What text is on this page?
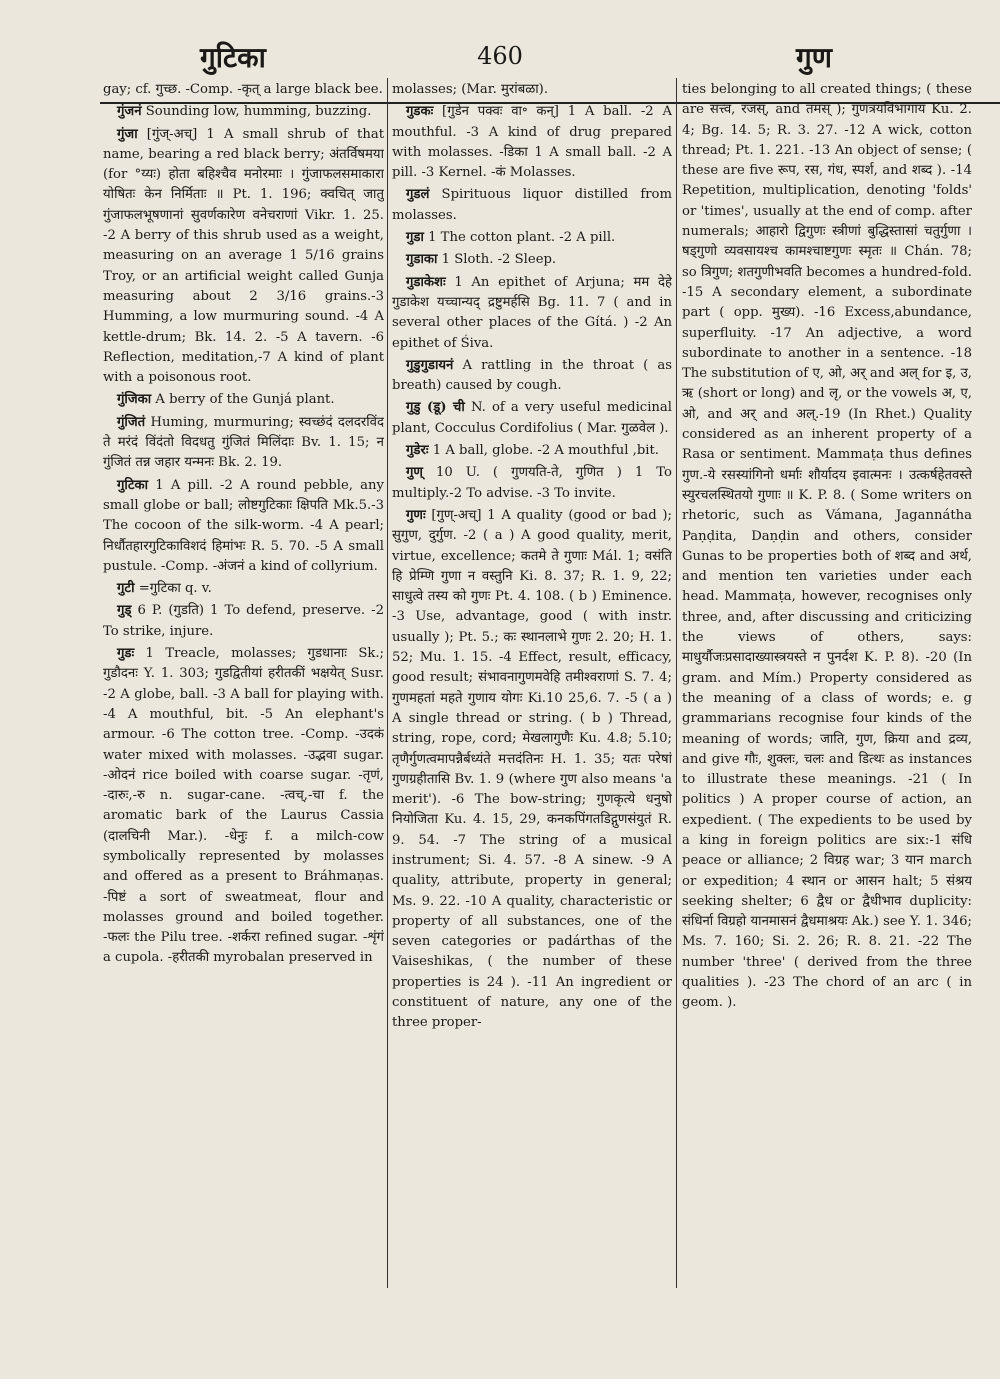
गुटिका	460	गुण

gay; cf. गुच्छ. -Comp. -कृत् a large black bee.

गुंजनं Sounding low, humming, buzzing.

गुंजा [गुंज्-अच्] 1 A small shrub of that name, bearing a red black berry; अंतर्विषमया (for °य्यः) होता बहिश्चैव मनोरमाः । गुंजाफलसमाकारा योषितः केन निर्मिताः ॥ Pt. 1. 196; क्वचित् जातु गुंजाफलभूषणानां सुवर्णकारेण वनेचराणां Vikr. 1. 25. -2 A berry of this shrub used as a weight, measuring on an average 1 5/16 grains Troy, or an artificial weight called Gunja measuring about 2 3/16 grains.-3 Humming, a low murmuring sound. -4 A kettle-drum; Bk. 14. 2. -5 A tavern. -6 Reflection, meditation,-7 A kind of plant with a poisonous root.

गुंजिका A berry of the Gunjá plant.

गुंजितं Huming, murmuring; स्वच्छंदं दलदरविंद ते मरंदं विंदंतो विदधतु गुंजितं मिलिंदाः Bv. 1. 15; न गुंजितं तन्न जहार यन्मनः Bk. 2. 19.

गुटिका 1 A pill. -2 A round pebble, any small globe or ball; लोष्टगुटिकाः क्षिपति Mk.5.-3 The cocoon of the silk-worm. -4 A pearl; निर्धौतहारगुटिकाविशदं हिमांभः R. 5. 70. -5 A small pustule. -Comp. -अंजनं a kind of collyrium.

गुटी =गुटिका q. v.

गुड् 6 P. (गुडति) 1 To defend, preserve. -2 To strike, injure.

गुडः 1 Treacle, molasses; गुडधानाः Sk.; गुडौदनः Y. 1. 303; गुडद्वितीयां हरीतकीं भक्षयेत् Susr. -2 A globe, ball. -3 A ball for playing with. -4 A mouthful, bit. -5 An elephant's armour. -6 The cotton tree. -Comp. -उदकं water mixed with molasses. -उद्भवा sugar. -ओदनं rice boiled with coarse sugar. -तृणं, -दारुः,-रु n. sugar-cane. -त्वच्,-चा f. the aromatic bark of the Laurus Cassia (दालचिनी Mar.). -धेनुः f. a milch-cow symbolically represented by molasses and offered as a present to Bráhmaṇas. -पिष्टं a sort of sweatmeat, flour and molasses ground and boiled together. -फलः the Pilu tree. -शर्करा refined sugar. -शृंगं a cupola. -हरीतकी myrobalan preserved in

molasses; (Mar. मुरांबळा).

गुडकः [गुडेन पक्वः वा॰ कन्] 1 A ball. -2 A mouthful. -3 A kind of drug prepared with molasses. -डिका 1 A small ball. -2 A pill. -3 Kernel. -कं Molasses.

गुडलं Spirituous liquor distilled from molasses.

गुडा 1 The cotton plant. -2 A pill.

गुडाका 1 Sloth. -2 Sleep.

गुडाकेशः 1 An epithet of Arjuna; मम देहे गुडाकेश यच्चान्यद् द्रष्टुमर्हसि Bg. 11. 7 ( and in several other places of the Gítá. ) -2 An epithet of Śiva.

गुडुगुडायनं A rattling in the throat ( as breath) caused by cough.

गुडु (डू) ची N. of a very useful medicinal plant, Cocculus Cordifolius ( Mar. गुळवेल ).

गुडेरः 1 A ball, globe. -2 A mouthful ,bit.

गुण् 10 U. ( गुणयति-ते, गुणित ) 1 To multiply.-2 To advise. -3 To invite.

गुणः [गुण्-अच्] 1 A quality (good or bad ); सुगुण, दुर्गुण. -2 ( a ) A good quality, merit, virtue, excellence; कतमे ते गुणाः Mál. 1; वसंति हि प्रेम्णि गुणा न वस्तुनि Ki. 8. 37; R. 1. 9, 22; साधुत्वे तस्य को गुणः Pt. 4. 108. ( b ) Eminence. -3 Use, advantage, good ( with instr. usually ); Pt. 5.; कः स्थानलाभे गुणः 2. 20; H. 1. 52; Mu. 1. 15. -4 Effect, result, efficacy, good result; संभावनागुणमवेहि तमीश्वराणां S. 7. 4; गुणमहतां महते गुणाय योगः Ki.10 25,6. 7. -5 ( a ) A single thread or string. ( b ) Thread, string, rope, cord; मेखलागुणैः Ku. 4.8; 5.10; तृणैर्गुणत्वमापन्नैर्बध्यंते मत्तदंतिनः H. 1. 35; यतः परेषां गुणग्रहीतासि Bv. 1. 9 (where गुण also means 'a merit'). -6 The bow-string; गुणकृत्ये धनुषो नियोजिता Ku. 4. 15, 29, कनकपिंगतडिद्गुणसंयुतं R. 9. 54. -7 The string of a musical instrument; Si. 4. 57. -8 A sinew. -9 A quality, attribute, property in general; Ms. 9. 22. -10 A quality, characteristic or property of all substances, one of the seven categories or padárthas of the Vaiseshikas, ( the number of these properties is 24 ). -11 An ingredient or constituent of nature, any one of the three proper-

ties belonging to all created things; ( these are सत्त्व, रजस्, and तमस् ); गुणत्रयविभागाय Ku. 2. 4; Bg. 14. 5; R. 3. 27. -12 A wick, cotton thread; Pt. 1. 221. -13 An object of sense; ( these are five रूप, रस, गंध, स्पर्श, and शब्द ). -14 Repetition, multiplication, denoting 'folds' or 'times', usually at the end of comp. after numerals; आहारो द्विगुणः स्त्रीणां बुद्धिस्तासां चतुर्गुणा । षड्गुणो व्यवसायश्च कामश्चाष्टगुणः स्मृतः ॥ Chán. 78; so त्रिगुण; शतगुणीभवति becomes a hundred-fold. -15 A secondary element, a subordinate part ( opp. मुख्य). -16 Excess,abundance, superfluity. -17 An adjective, a word subordinate to another in a sentence. -18 The substitution of ए, ओ, अर् and अल् for इ, उ, ऋ (short or long) and लृ, or the vowels अ, ए, ओ, and अर् and अल्.-19 (In Rhet.) Quality considered as an inherent property of a Rasa or sentiment. Mammaṭa thus defines गुण.-ये रसस्यांगिनो धर्माः शौर्यादय इवात्मनः । उत्कर्षहेतवस्ते स्युरचलस्थितयो गुणाः ॥ K. P. 8. ( Some writers on rhetoric, such as Vámana, Jagannátha Paṇḍita, Daṇḍin and others, consider Gunas to be properties both of शब्द and अर्थ, and mention ten varieties under each head. Mammaṭa, however, recognises only three, and, after discussing and criticizing the views of others, says: माधुर्यौजःप्रसादाख्यास्त्रयस्ते न पुनर्दश K. P. 8). -20 (In gram. and Mím.) Property considered as the meaning of a class of words; e. g grammarians recognise four kinds of the meaning of words; जाति, गुण, क्रिया and द्रव्य, and give गौः, शुक्लः, चलः and डित्थः as instances to illustrate these meanings. -21 ( In politics ) A proper course of action, an expedient. ( The expedients to be used by a king in foreign politics are six:-1 संधि peace or alliance; 2 विग्रह war; 3 यान march or expedition; 4 स्थान or आसन halt; 5 संश्रय seeking shelter; 6 द्वैध or द्वैधीभाव duplicity: संधिर्ना विग्रहो यानमासनं द्वैधमाश्रयः Ak.) see Y. 1. 346; Ms. 7. 160; Si. 2. 26; R. 8. 21. -22 The number 'three' ( derived from the three qualities ). -23 The chord of an arc ( in geom. ).
